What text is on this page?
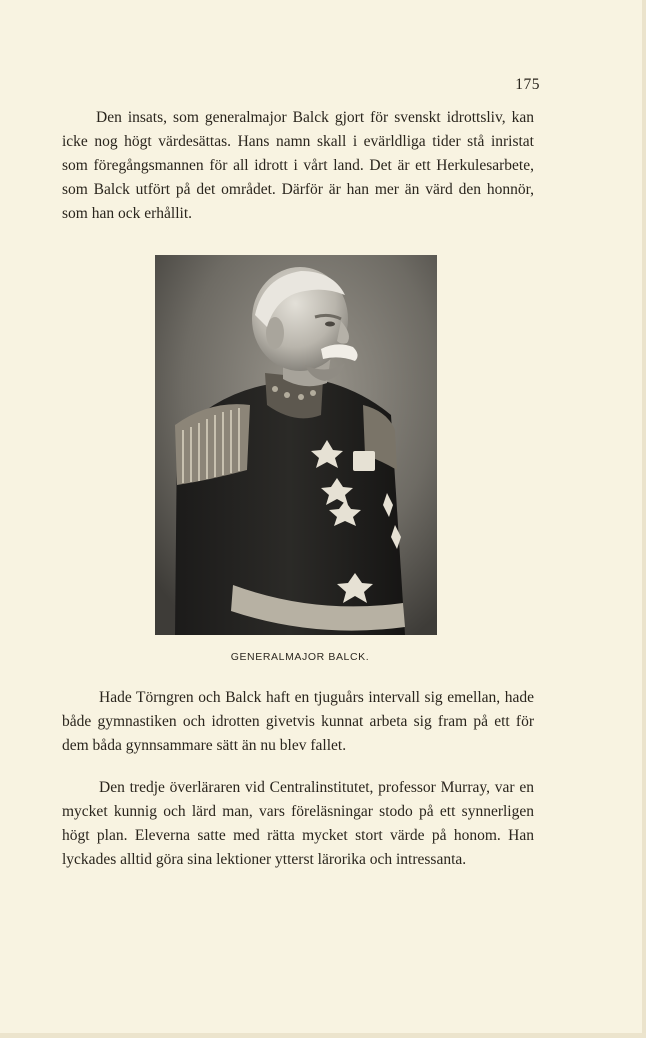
175

Den insats, som generalmajor Balck gjort för svenskt idrottsliv, kan icke nog högt värdesättas. Hans namn skall i evärldliga tider stå inristat som föregångsmannen för all idrott i vårt land. Det är ett Herkulesarbete, som Balck utfört på det området. Därför är han mer än värd den honnör, som han ock erhållit.

GENERALMAJOR BALCK.

Hade Törngren och Balck haft en tjuguårs intervall sig emellan, hade både gymnastiken och idrotten givetvis kunnat arbeta sig fram på ett för dem båda gynnsammare sätt än nu blev fallet.

Den tredje överläraren vid Centralinstitutet, professor Murray, var en mycket kunnig och lärd man, vars föreläsningar stodo på ett synnerligen högt plan. Eleverna satte med rätta mycket stort värde på honom. Han lyckades alltid göra sina lektioner ytterst lärorika och intressanta.
